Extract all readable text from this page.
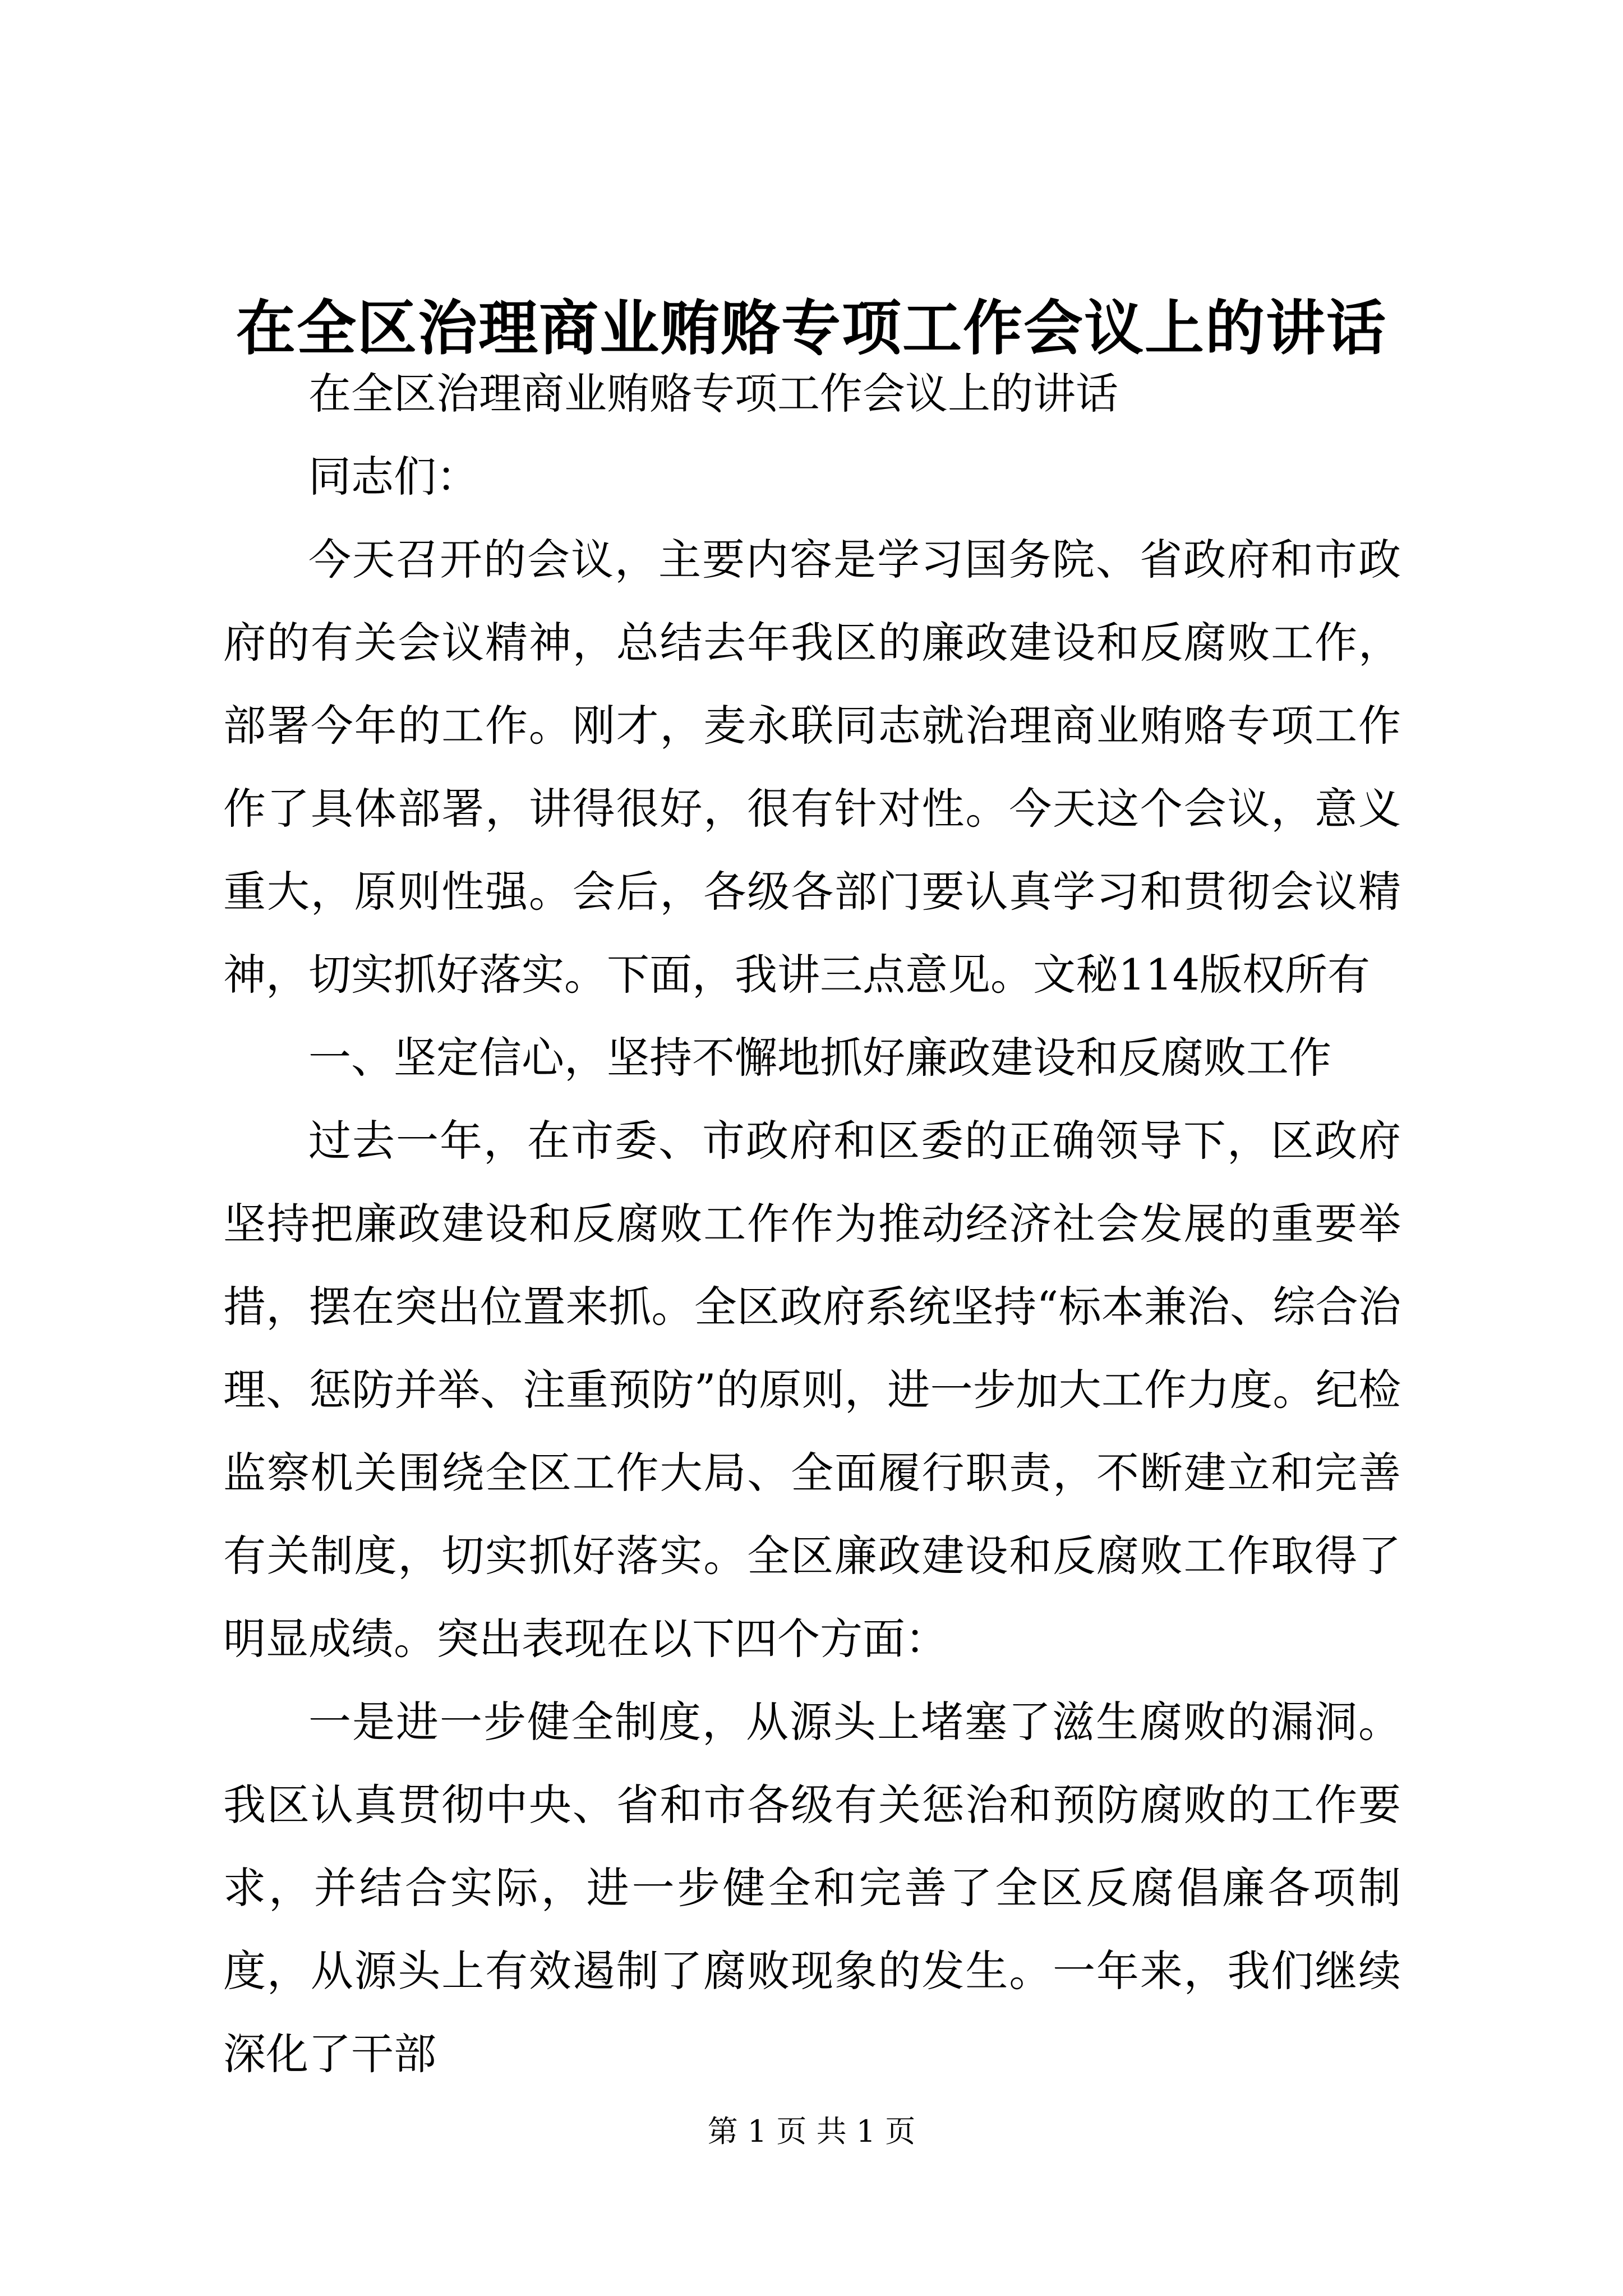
在全区治理商业贿赂专项工作会议上的讲话

在全区治理商业贿赂专项工作会议上的讲话

同志们：

今天召开的会议，主要内容是学习国务院、省政府和市政府的有关会议精神，总结去年我区的廉政建设和反腐败工作，部署今年的工作。刚才，麦永联同志就治理商业贿赂专项工作作了具体部署，讲得很好，很有针对性。今天这个会议，意义重大，原则性强。会后，各级各部门要认真学习和贯彻会议精神，切实抓好落实。下面，我讲三点意见。文秘114版权所有

一、坚定信心，坚持不懈地抓好廉政建设和反腐败工作

过去一年，在市委、市政府和区委的正确领导下，区政府坚持把廉政建设和反腐败工作作为推动经济社会发展的重要举措，摆在突出位置来抓。全区政府系统坚持“标本兼治、综合治理、惩防并举、注重预防”的原则，进一步加大工作力度。纪检监察机关围绕全区工作大局、全面履行职责，不断建立和完善有关制度，切实抓好落实。全区廉政建设和反腐败工作取得了明显成绩。突出表现在以下四个方面：

一是进一步健全制度，从源头上堵塞了滋生腐败的漏洞。我区认真贯彻中央、省和市各级有关惩治和预防腐败的工作要求，并结合实际，进一步健全和完善了全区反腐倡廉各项制度，从源头上有效遏制了腐败现象的发生。一年来，我们继续深化了干部

第 1 页 共 1 页
